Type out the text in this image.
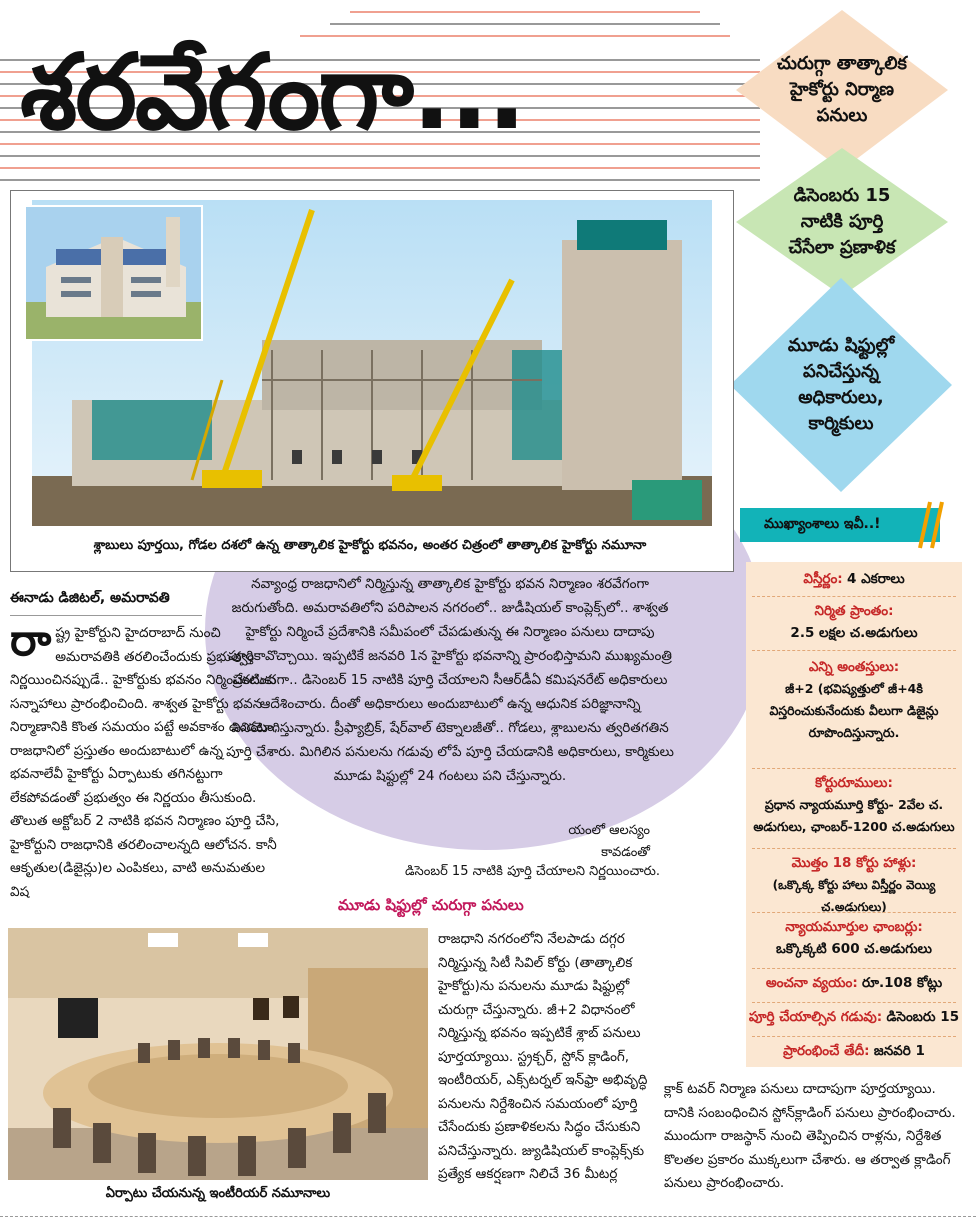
శరవేగంగా...	చురుగ్గా తాత్కాలిక హైకోర్టు నిర్మాణ పనులు
డిసెంబరు 15 నాటికి పూర్తి చేసేలా ప్రణాళిక
మూడు షిఫ్టుల్లో పనిచేస్తున్న అధికారులు, కార్మికులు
శ్లాబులు పూర్తయి, గోడల దశలో ఉన్న తాత్కాలిక హైకోర్టు భవనం, అంతర చిత్రంలో తాత్కాలిక హైకోర్టు నమూనా
నవ్యాంధ్ర రాజధానిలో నిర్మిస్తున్న తాత్కాలిక హైకోర్టు భవన నిర్మాణం శరవేగంగా జరుగుతోంది. అమరావతిలోని పరిపాలన నగరంలో.. జుడీషియల్ కాంప్లెక్స్‌లో.. శాశ్వత హైకోర్టు నిర్మించే ప్రదేశానికి సమీపంలో చేపడుతున్న ఈ నిర్మాణం పనులు దాదాపు పూర్తికావొచ్చాయి. ఇప్పటికే జనవరి 1న హైకోర్టు భవనాన్ని ప్రారంభిస్తామని ముఖ్యమంత్రి ప్రకటించగా.. డిసెంబర్ 15 నాటికి పూర్తి చేయాలని సీఆర్‌డీఏ కమిషనరేట్ అధికారులు ఆదేశించారు. దీంతో అధికారులు అందుబాటులో ఉన్న ఆధునిక పరిజ్ఞానాన్ని వినియోగిస్తున్నారు. ప్రీఫ్యాబ్రిక్, షేర్‌వాల్ టెక్నాలజీతో.. గోడలు, శ్లాబులను త్వరితగతిన పూర్తి చేశారు. మిగిలిన పనులను గడువు లోపే పూర్తి చేయడానికి అధికారులు, కార్మికులు మూడు షిఫ్టుల్లో 24 గంటలు పని చేస్తున్నారు.
ఈనాడు డిజిటల్, అమరావతి
రా ష్ట్ర హైకోర్టుని హైదరాబాద్ నుంచి అమరావతికి తరలించేందుకు ప్రభుత్వం నిర్ణయించినప్పుడే.. హైకోర్టుకు భవనం నిర్మించేందుకు సన్నాహాలు ప్రారంభించింది. శాశ్వత హైకోర్టు భవన నిర్మాణానికి కొంత సమయం పట్టే అవకాశం ఉండటం, రాజధానిలో ప్రస్తుతం అందుబాటులో ఉన్న భవనాలేవీ హైకోర్టు ఏర్పాటుకు తగినట్టుగా లేకపోవడంతో ప్రభుత్వం ఈ నిర్ణయం తీసుకుంది. తొలుత అక్టోబర్ 2 నాటికి భవన నిర్మాణం పూర్తి చేసి, హైకోర్టుని రాజధానికి తరలించాలన్నది ఆలోచన. కానీ ఆకృతుల(డిజైన్లు)ల ఎంపికలు, వాటి అనుమతుల విష
యంలో ఆలస్యం కావడంతో
డిసెంబర్ 15 నాటికి పూర్తి చేయాలని నిర్ణయించారు.
మూడు షిఫ్టుల్లో చురుగ్గా పనులు
రాజధాని నగరంలోని నేలపాడు దగ్గర నిర్మిస్తున్న సిటీ సివిల్ కోర్టు (తాత్కాలిక హైకోర్టు)ను పనులను మూడు షిఫ్టుల్లో చురుగ్గా చేస్తున్నారు. జీ+2 విధానంలో నిర్మిస్తున్న భవనం ఇప్పటికే శ్లాబ్ పనులు పూర్తయ్యాయి. స్ట్రక్చర్, స్టోన్ క్లాడింగ్, ఇంటీరియర్, ఎక్స్‌టర్నల్ ఇన్‌ఫ్రా అభివృద్ధి పనులను నిర్దేశించిన సమయంలో పూర్తి చేసేందుకు ప్రణాళికలను సిద్ధం చేసుకుని పనిచేస్తున్నారు. జ్యుడిషియల్ కాంప్లెక్స్‌కు ప్రత్యేక ఆకర్షణగా నిలిచే 36 మీటర్ల
ఏర్పాటు చేయనున్న ఇంటీరియర్ నమూనాలు
ముఖ్యాంశాలు ఇవీ..!
విస్తీర్ణం: 4 ఎకరాలు
నిర్మిత ప్రాంతం:
2.5 లక్షల చ.అడుగులు
ఎన్ని అంతస్తులు:
జీ+2 (భవిష్యత్తులో జీ+4కి విస్తరించుకునేందుకు వీలుగా డిజైన్లు రూపొందిస్తున్నారు.
కోర్టురూములు:
ప్రధాన న్యాయమూర్తి కోర్టు- 2వేల చ. అడుగులు, ఛాంబర్-1200 చ.అడుగులు
మొత్తం 18 కోర్టు హాళ్లు:
(ఒక్కొక్క కోర్టు హాలు విస్తీర్ణం వెయ్యి చ.అడుగులు)
న్యాయమూర్తుల ఛాంబర్లు:
ఒక్కొక్కటి 600 చ.అడుగులు
అంచనా వ్యయం: రూ.108 కోట్లు
పూర్తి చేయాల్సిన గడువు: డిసెంబరు 15
ప్రారంభించే తేదీ: జనవరి 1
క్లాక్ టవర్ నిర్మాణ పనులు దాదాపుగా పూర్తయ్యాయి. దానికి సంబంధించిన స్టోన్‌క్లాడింగ్ పనులు ప్రారంభించారు. ముందుగా రాజస్థాన్ నుంచి తెప్పించిన రాళ్లను, నిర్దేశిత కొలతల ప్రకారం ముక్కలుగా చేశారు. ఆ తర్వాత క్లాడింగ్ పనులు ప్రారంభించారు.
